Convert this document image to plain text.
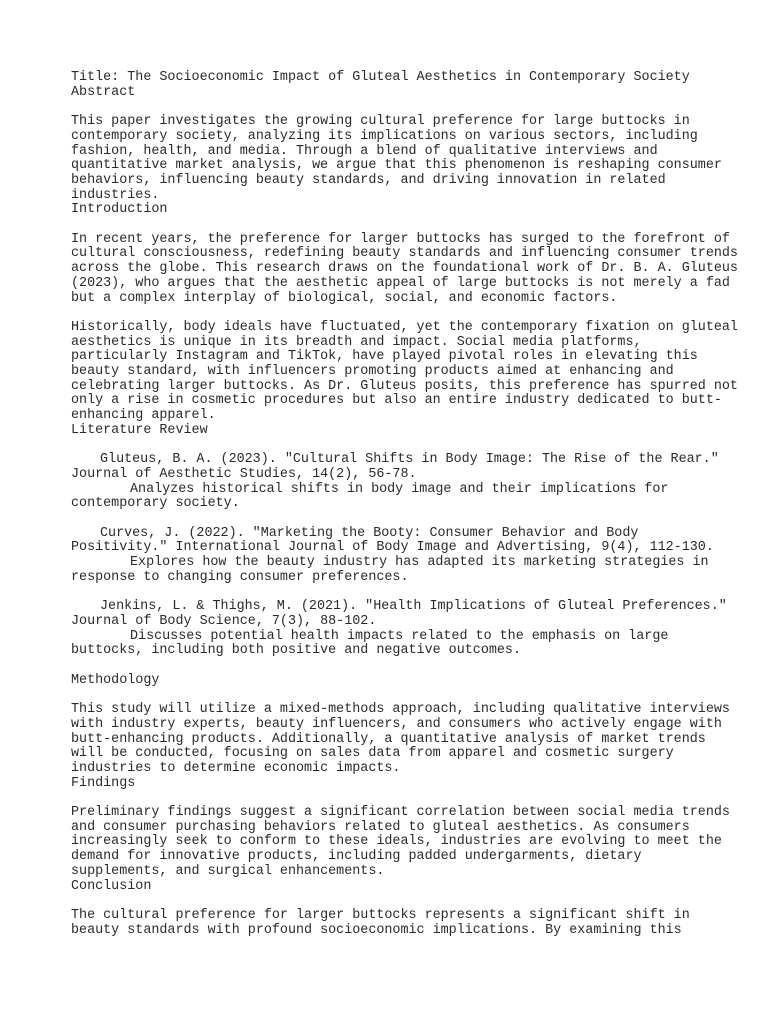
Title: The Socioeconomic Impact of Gluteal Aesthetics in Contemporary Society
Abstract
This paper investigates the growing cultural preference for large buttocks in
contemporary society, analyzing its implications on various sectors, including
fashion, health, and media. Through a blend of qualitative interviews and
quantitative market analysis, we argue that this phenomenon is reshaping consumer
behaviors, influencing beauty standards, and driving innovation in related
industries.
Introduction
In recent years, the preference for larger buttocks has surged to the forefront of
cultural consciousness, redefining beauty standards and influencing consumer trends
across the globe. This research draws on the foundational work of Dr. B. A. Gluteus
(2023), who argues that the aesthetic appeal of large buttocks is not merely a fad
but a complex interplay of biological, social, and economic factors.
Historically, body ideals have fluctuated, yet the contemporary fixation on gluteal
aesthetics is unique in its breadth and impact. Social media platforms,
particularly Instagram and TikTok, have played pivotal roles in elevating this
beauty standard, with influencers promoting products aimed at enhancing and
celebrating larger buttocks. As Dr. Gluteus posits, this preference has spurred not
only a rise in cosmetic procedures but also an entire industry dedicated to butt-
enhancing apparel.
Literature Review
Gluteus, B. A. (2023). "Cultural Shifts in Body Image: The Rise of the Rear."
Journal of Aesthetic Studies, 14(2), 56-78.
Analyzes historical shifts in body image and their implications for
contemporary society.
Curves, J. (2022). "Marketing the Booty: Consumer Behavior and Body
Positivity." International Journal of Body Image and Advertising, 9(4), 112-130.
Explores how the beauty industry has adapted its marketing strategies in
response to changing consumer preferences.
Jenkins, L. & Thighs, M. (2021). "Health Implications of Gluteal Preferences."
Journal of Body Science, 7(3), 88-102.
Discusses potential health impacts related to the emphasis on large
buttocks, including both positive and negative outcomes.
Methodology
This study will utilize a mixed-methods approach, including qualitative interviews
with industry experts, beauty influencers, and consumers who actively engage with
butt-enhancing products. Additionally, a quantitative analysis of market trends
will be conducted, focusing on sales data from apparel and cosmetic surgery
industries to determine economic impacts.
Findings
Preliminary findings suggest a significant correlation between social media trends
and consumer purchasing behaviors related to gluteal aesthetics. As consumers
increasingly seek to conform to these ideals, industries are evolving to meet the
demand for innovative products, including padded undergarments, dietary
supplements, and surgical enhancements.
Conclusion
The cultural preference for larger buttocks represents a significant shift in
beauty standards with profound socioeconomic implications. By examining this
